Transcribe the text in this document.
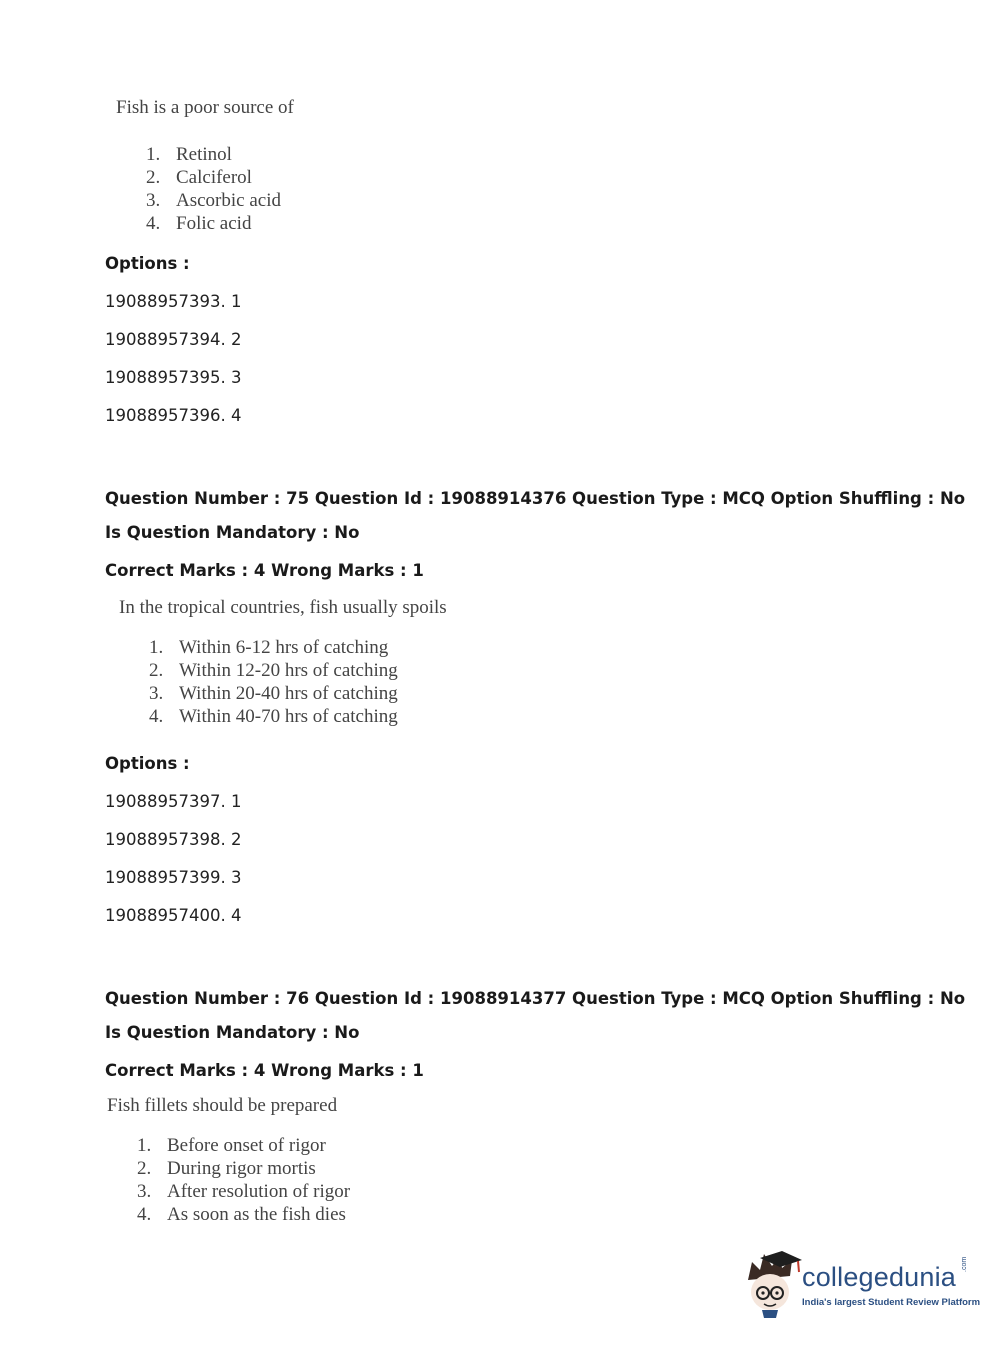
Fish is a poor source of
1. Retinol
2. Calciferol
3. Ascorbic acid
4. Folic acid
Options :
19088957393. 1
19088957394. 2
19088957395. 3
19088957396. 4
Question Number : 75 Question Id : 19088914376 Question Type : MCQ Option Shuffling : No
Is Question Mandatory : No
Correct Marks : 4 Wrong Marks : 1
In the tropical countries, fish usually spoils
1. Within 6-12 hrs of catching
2. Within 12-20 hrs of catching
3. Within 20-40 hrs of catching
4. Within 40-70 hrs of catching
Options :
19088957397. 1
19088957398. 2
19088957399. 3
19088957400. 4
Question Number : 76 Question Id : 19088914377 Question Type : MCQ Option Shuffling : No
Is Question Mandatory : No
Correct Marks : 4 Wrong Marks : 1
Fish fillets should be prepared
1. Before onset of rigor
2. During rigor mortis
3. After resolution of rigor
4. As soon as the fish dies
collegedunia .com
India's largest Student Review Platform
